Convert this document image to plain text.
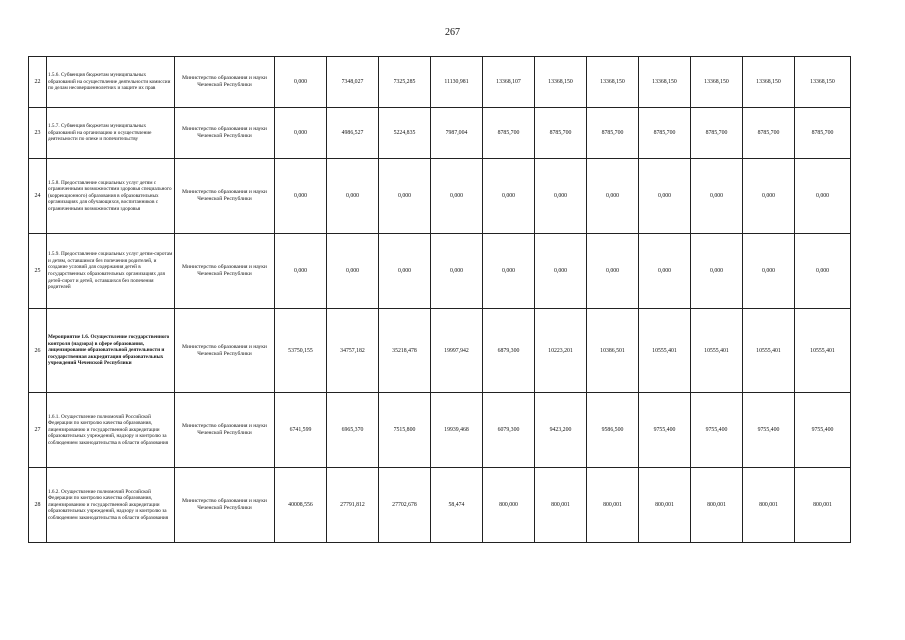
267
22	1.5.6. Субвенция бюджетам муниципальных образований на осуществление деятельности комиссии по делам несовершеннолетних и защите их прав	Министерство образования и науки Чеченской Республики	0,000	7348,027	7325,285	11130,981	13368,107	13368,150	13368,150	13368,150	13368,150	13368,150	13368,150
23	1.5.7. Субвенция бюджетам муниципальных образований на организацию и осуществление деятельности по опеке и попечительству	Министерство образования и науки Чеченской Республики	0,000	4986,527	5224,835	7987,004	8785,700	8785,700	8785,700	8785,700	8785,700	8785,700	8785,700
24	1.5.8. Предоставление социальных услуг детям с ограниченными возможностями здоровья специального (коррекционного) образования в образовательных организациях для обучающихся, воспитанников с ограниченными возможностями здоровья	Министерство образования и науки Чеченской Республики	0,000	0,000	0,000	0,000	0,000	0,000	0,000	0,000	0,000	0,000	0,000
25	1.5.9. Предоставление социальных услуг детям-сиротам и детям, оставшимся без попечения родителей, и создание условий для содержания детей в государственных образовательных организациях для детей-сирот и детей, оставшихся без попечения родителей	Министерство образования и науки Чеченской Республики	0,000	0,000	0,000	0,000	0,000	0,000	0,000	0,000	0,000	0,000	0,000
26	Мероприятие 1.6. Осуществление государственного контроля (надзора) в сфере образования, лицензирование образовательной деятельности и государственная аккредитация образовательных учреждений Чеченской Республики	Министерство образования и науки Чеченской Республики	53750,155	34757,182	35218,478	19997,942	6879,300	10223,201	10386,501	10555,401	10555,401	10555,401	10555,401
27	1.6.1. Осуществление полномочий Российской Федерации по контролю качества образования, лицензированию и государственной аккредитации образовательных учреждений, надзору и контролю за соблюдением законодательства в области образования	Министерство образования и науки Чеченской Республики	6741,599	6965,370	7515,800	19939,468	6079,300	9423,200	9586,500	9755,400	9755,400	9755,400	9755,400
28	1.6.2. Осуществление полномочий Российской Федерации по контролю качества образования, лицензированию и государственной аккредитации образовательных учреждений, надзору и контролю за соблюдением законодательства в области образования	Министерство образования и науки Чеченской Республики	40008,556	27791,812	27702,678	58,474	800,000	800,001	800,001	800,001	800,001	800,001	800,001
